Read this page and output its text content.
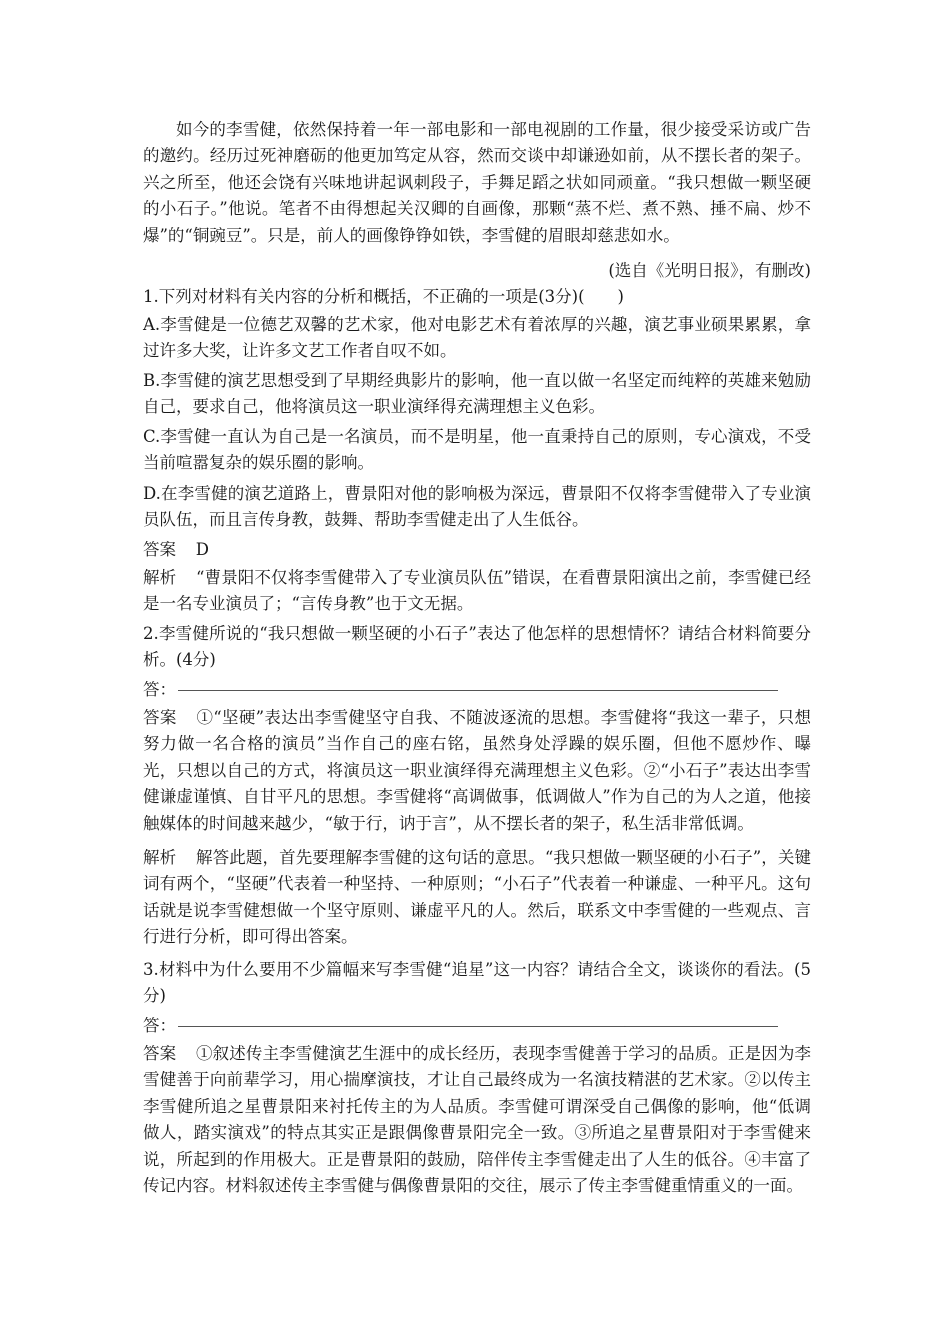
如今的李雪健，依然保持着一年一部电影和一部电视剧的工作量，很少接受采访或广告的邀约。经历过死神磨砺的他更加笃定从容，然而交谈中却谦逊如前，从不摆长者的架子。兴之所至，他还会饶有兴味地讲起讽刺段子，手舞足蹈之状如同顽童。“我只想做一颗坚硬的小石子。”他说。笔者不由得想起关汉卿的自画像，那颗“蒸不烂、煮不熟、捶不扁、炒不爆”的“铜豌豆”。只是，前人的画像铮铮如铁，李雪健的眉眼却慈悲如水。
(选自《光明日报》，有删改)
1.下列对材料有关内容的分析和概括，不正确的一项是(3分)(　　)
A.李雪健是一位德艺双馨的艺术家，他对电影艺术有着浓厚的兴趣，演艺事业硕果累累，拿过许多大奖，让许多文艺工作者自叹不如。
B.李雪健的演艺思想受到了早期经典影片的影响，他一直以做一名坚定而纯粹的英雄来勉励自己，要求自己，他将演员这一职业演绎得充满理想主义色彩。
C.李雪健一直认为自己是一名演员，而不是明星，他一直秉持自己的原则，专心演戏，不受当前喧嚣复杂的娱乐圈的影响。
D.在李雪健的演艺道路上，曹景阳对他的影响极为深远，曹景阳不仅将李雪健带入了专业演员队伍，而且言传身教，鼓舞、帮助李雪健走出了人生低谷。
答案 D
解析 “曹景阳不仅将李雪健带入了专业演员队伍”错误，在看曹景阳演出之前，李雪健已经是一名专业演员了；“言传身教”也于文无据。
2.李雪健所说的“我只想做一颗坚硬的小石子”表达了他怎样的思想情怀？请结合材料简要分析。(4分)
答：
答案 ①“坚硬”表达出李雪健坚守自我、不随波逐流的思想。李雪健将“我这一辈子，只想努力做一名合格的演员”当作自己的座右铭，虽然身处浮躁的娱乐圈，但他不愿炒作、曝光，只想以自己的方式，将演员这一职业演绎得充满理想主义色彩。②“小石子”表达出李雪健谦虚谨慎、自甘平凡的思想。李雪健将“高调做事，低调做人”作为自己的为人之道，他接触媒体的时间越来越少，“敏于行，讷于言”，从不摆长者的架子，私生活非常低调。
解析 解答此题，首先要理解李雪健的这句话的意思。“我只想做一颗坚硬的小石子”，关键词有两个，“坚硬”代表着一种坚持、一种原则；“小石子”代表着一种谦虚、一种平凡。这句话就是说李雪健想做一个坚守原则、谦虚平凡的人。然后，联系文中李雪健的一些观点、言行进行分析，即可得出答案。
3.材料中为什么要用不少篇幅来写李雪健“追星”这一内容？请结合全文，谈谈你的看法。(5分)
答：
答案 ①叙述传主李雪健演艺生涯中的成长经历，表现李雪健善于学习的品质。正是因为李雪健善于向前辈学习，用心揣摩演技，才让自己最终成为一名演技精湛的艺术家。②以传主李雪健所追之星曹景阳来衬托传主的为人品质。李雪健可谓深受自己偶像的影响，他“低调做人，踏实演戏”的特点其实正是跟偶像曹景阳完全一致。③所追之星曹景阳对于李雪健来说，所起到的作用极大。正是曹景阳的鼓励，陪伴传主李雪健走出了人生的低谷。④丰富了传记内容。材料叙述传主李雪健与偶像曹景阳的交往，展示了传主李雪健重情重义的一面。
